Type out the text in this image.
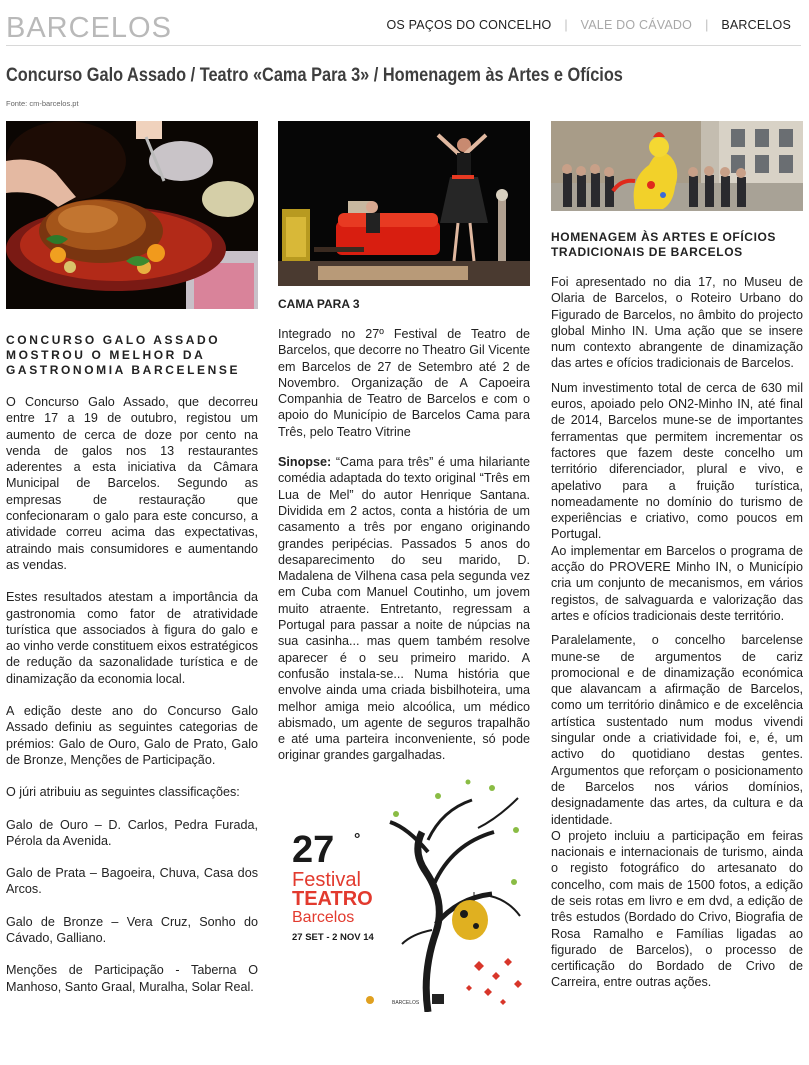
BARCELOS	OS PAÇOS DO CONCELHO | VALE DO CÁVADO | BARCELOS
Concurso Galo Assado / Teatro «Cama Para 3» / Homenagem às Artes e Ofícios
Fonte: cm-barcelos.pt
CONCURSO GALO ASSADO MOSTROU O MELHOR DA GASTRONOMIA BARCELENSE

O Concurso Galo Assado, que decorreu entre 17 a 19 de outubro, registou um aumento de cerca de doze por cento na venda de galos nos 13 restaurantes aderentes a esta iniciativa da Câmara Municipal de Barcelos. Segundo as empresas de restauração que confecionaram o galo para este concurso, a atividade correu acima das expectativas, atraindo mais consumidores e aumentando as vendas.

Estes resultados atestam a importância da gastronomia como fator de atratividade turística que associados à figura do galo e ao vinho verde constituem eixos estratégicos de redução da sazonalidade turística e de dinamização da economia local.

A edição deste ano do Concurso Galo Assado definiu as seguintes categorias de prémios: Galo de Ouro, Galo de Prato, Galo de Bronze, Menções de Participação.

O júri atribuiu as seguintes classificações:

Galo de Ouro – D. Carlos, Pedra Furada, Pérola da Avenida.

Galo de Prata – Bagoeira, Chuva, Casa dos Arcos.

Galo de Bronze – Vera Cruz, Sonho do Cávado, Galliano.

Menções de Participação - Taberna O Manhoso, Santo Graal, Muralha, Solar Real.

CAMA PARA 3

Integrado no 27º Festival de Teatro de Barcelos, que decorre no Theatro Gil Vicente em Barcelos de 27 de Setembro até 2 de Novembro. Organização de A Capoeira Companhia de Teatro de Barcelos e com o apoio do Município de Barcelos Cama para Três, pelo Teatro Vitrine

Sinopse: “Cama para três” é uma hilariante comédia adaptada do texto original “Três em Lua de Mel” do autor Henrique Santana. Dividida em 2 actos, conta a história de um casamento a três por engano originando grandes peripécias. Passados 5 anos do desaparecimento do seu marido, D. Madalena de Vilhena casa pela segunda vez em Cuba com Manuel Coutinho, um jovem muito atraente. Entretanto, regressam a Portugal para passar a noite de núpcias na sua casinha... mas quem também resolve aparecer é o seu primeiro marido. A confusão instala-se... Numa história que envolve ainda uma criada bisbilhoteira, uma melhor amiga meio alcoólica, um médico abismado, um agente de seguros trapalhão e até uma parteira inconveniente, só pode originar grandes gargalhadas.

27 °
Festival
TEATRO
Barcelos
27 SET - 2 NOV 14
BARCELOS
HOMENAGEM ÀS ARTES E OFÍCIOS TRADICIONAIS DE BARCELOS

Foi apresentado no dia 17, no Museu de Olaria de Barcelos, o Roteiro Urbano do Figurado de Barcelos, no âmbito do projecto global Minho IN. Uma ação que se insere num contexto abrangente de dinamização das artes e ofícios tradicionais de Barcelos.

Num investimento total de cerca de 630 mil euros, apoiado pelo ON2-Minho IN, até final de 2014, Barcelos mune-se de importantes ferramentas que permitem incrementar os factores que fazem deste concelho um território diferenciador, plural e vivo, e apelativo para a fruição turística, nomeadamente no domínio do turismo de experiências e criativo, como poucos em Portugal.

Ao implementar em Barcelos o programa de acção do PROVERE Minho IN, o Município cria um conjunto de mecanismos, em vários registos, de salvaguarda e valorização das artes e ofícios tradicionais deste território.

Paralelamente, o concelho barcelense mune-se de argumentos de cariz promocional e de dinamização económica que alavancam a afirmação de Barcelos, como um território dinâmico e de excelência artística sustentado num modus vivendi singular onde a criatividade foi, e, é, um activo do quotidiano destas gentes. Argumentos que reforçam o posicionamento de Barcelos nos vários domínios, designadamente das artes, da cultura e da identidade.

O projeto incluiu a participação em feiras nacionais e internacionais de turismo, ainda o registo fotográfico do artesanato do concelho, com mais de 1500 fotos, a edição de seis rotas em livro e em dvd, a edição de três estudos (Bordado do Crivo, Biografia de Rosa Ramalho e Famílias ligadas ao figurado de Barcelos), o processo de certificação do Bordado de Crivo de Carreira, entre outras ações.
